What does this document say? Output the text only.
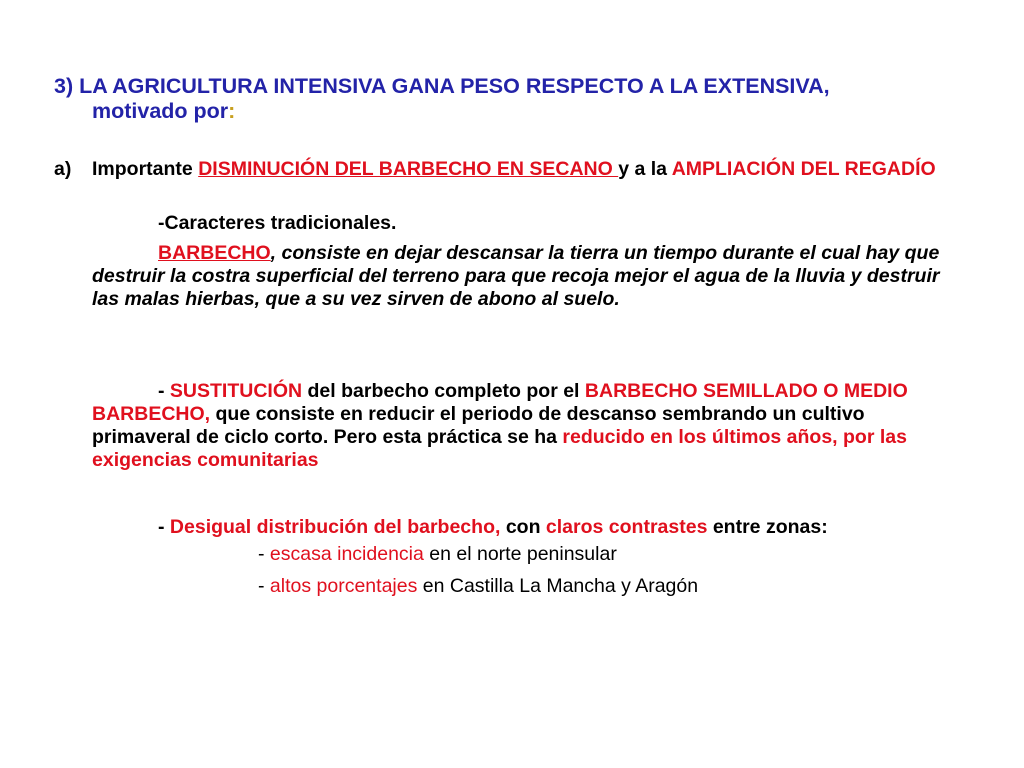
3) LA AGRICULTURA INTENSIVA GANA PESO RESPECTO A LA EXTENSIVA,
motivado por:
a) Importante DISMINUCIÓN DEL BARBECHO EN SECANO y a la AMPLIACIÓN DEL REGADÍO
-Caracteres tradicionales.
BARBECHO, consiste en dejar descansar la tierra un tiempo durante el cual hay que destruir la costra superficial del terreno para que recoja mejor el agua de la lluvia y destruir las malas hierbas, que a su vez sirven de abono al suelo.
- SUSTITUCIÓN del barbecho completo por el BARBECHO SEMILLADO O MEDIO BARBECHO, que consiste en reducir el periodo de descanso sembrando un cultivo primaveral de ciclo corto. Pero esta práctica se ha reducido en los últimos años, por las exigencias comunitarias
- Desigual distribución del barbecho, con claros contrastes entre zonas:
- escasa incidencia en el norte peninsular
- altos porcentajes en Castilla La Mancha y Aragón
